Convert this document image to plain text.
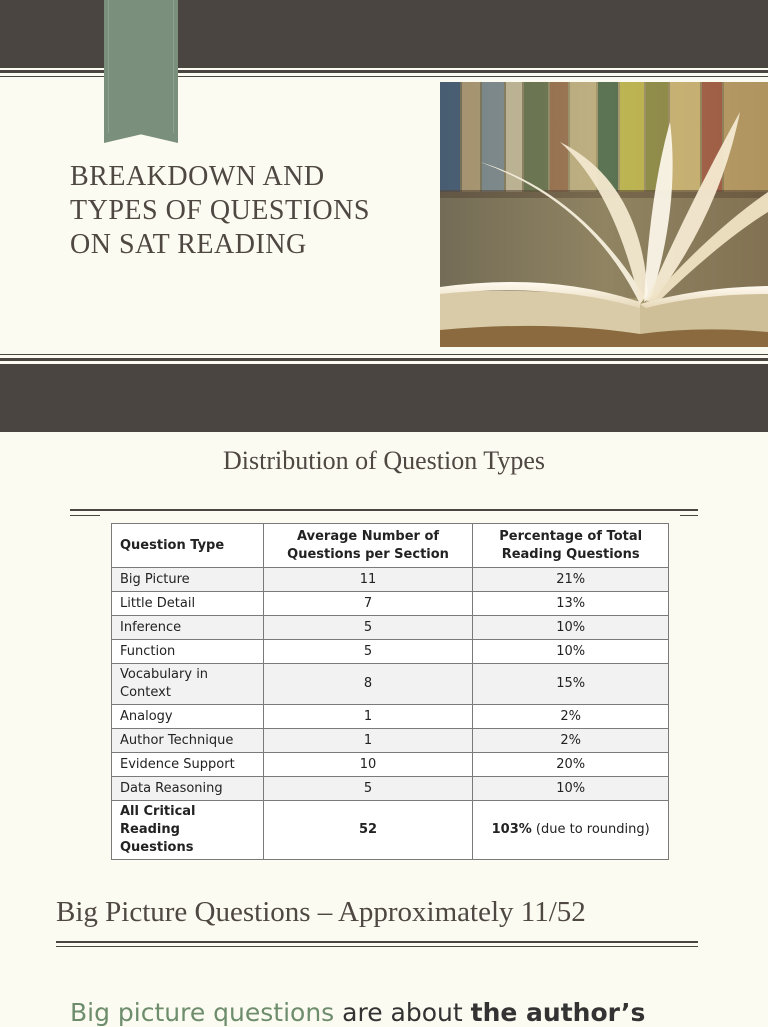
BREAKDOWN AND
TYPES OF QUESTIONS
ON SAT READING
Distribution of Question Types
Question Type	Average Number of Questions per Section	Percentage of Total Reading Questions
Big Picture	11	21%
Little Detail	7	13%
Inference	5	10%
Function	5	10%
Vocabulary in Context	8	15%
Analogy	1	2%
Author Technique	1	2%
Evidence Support	10	20%
Data Reasoning	5	10%
All Critical Reading Questions	52	103% (due to rounding)
Big Picture Questions – Approximately 11/52
Big picture questions are about the author’s
